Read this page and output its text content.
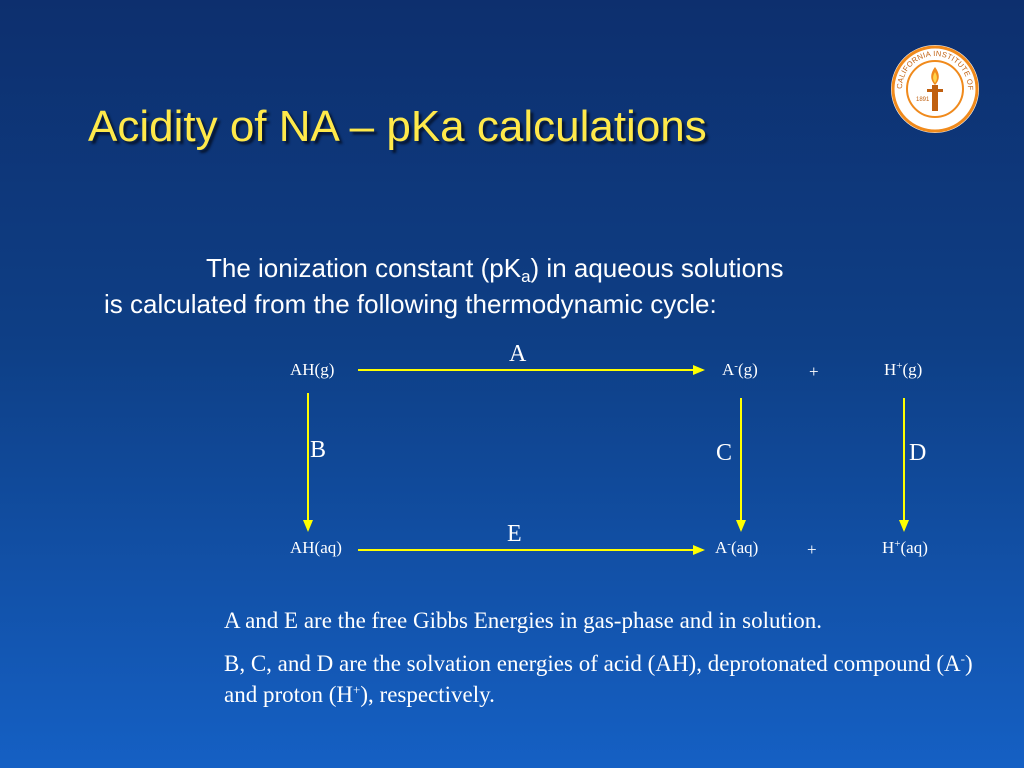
Acidity of NA – pKa calculations
CALIFORNIA INSTITUTE OF
1891
The ionization constant $(pK_a)$ in aqueous solutions
is calculated from the following thermodynamic cycle:
AH(g)	A-(g)	+	H+(g)
AH(aq)	A-(aq)	+	H+(aq)
A
B	C	D
E

A and E are the free Gibbs Energies in gas-phase and in solution.

B, C, and D are the solvation energies of acid (AH), deprotonated compound (A-) and proton (H+), respectively.
